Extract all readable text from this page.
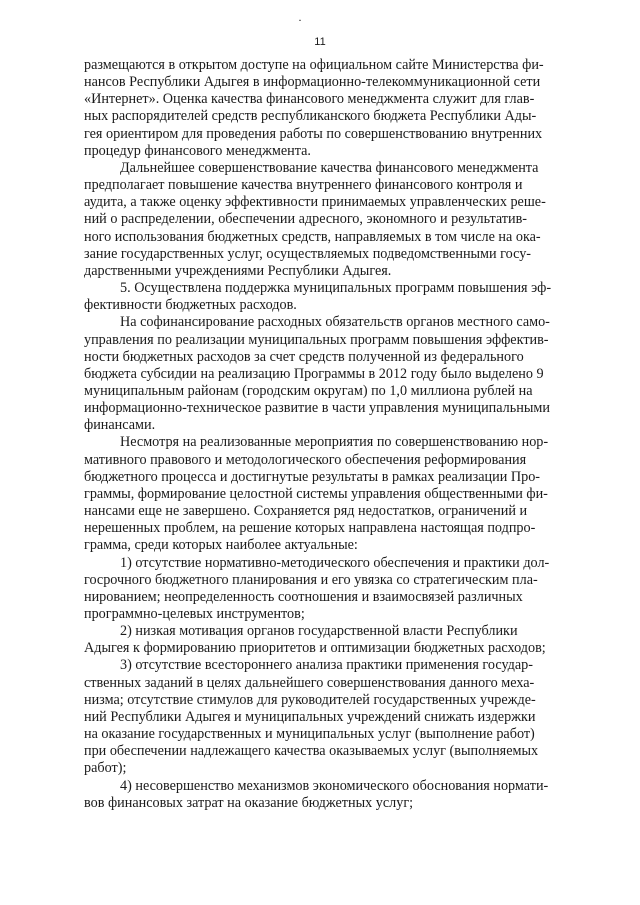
·
11

размещаются в открытом доступе на официальном сайте Министерства фи-
нансов Республики Адыгея в информационно-телекоммуникационной сети
«Интернет». Оценка качества финансового менеджмента служит для глав-
ных распорядителей средств республиканского бюджета Республики Ады-
гея ориентиром для проведения работы по совершенствованию внутренних
процедур финансового менеджмента.

Дальнейшее совершенствование качества финансового менеджмента
предполагает повышение качества внутреннего финансового контроля и
аудита, а также оценку эффективности принимаемых управленческих реше-
ний о распределении, обеспечении адресного, экономного и результатив-
ного использования бюджетных средств, направляемых в том числе на ока-
зание государственных услуг, осуществляемых подведомственными госу-
дарственными учреждениями Республики Адыгея.

5. Осуществлена поддержка муниципальных программ повышения эф-
фективности бюджетных расходов.

На софинансирование расходных обязательств органов местного само-
управления по реализации муниципальных программ повышения эффектив-
ности бюджетных расходов за счет средств полученной из федерального
бюджета субсидии на реализацию Программы в 2012 году было выделено 9
муниципальным районам (городским округам) по 1,0 миллиона рублей на
информационно-техническое развитие в части управления муниципальными
финансами.

Несмотря на реализованные мероприятия по совершенствованию нор-
мативного правового и методологического обеспечения реформирования
бюджетного процесса и достигнутые результаты в рамках реализации Про-
граммы, формирование целостной системы управления общественными фи-
нансами еще не завершено. Сохраняется ряд недостатков, ограничений и
нерешенных проблем, на решение которых направлена настоящая подпро-
грамма, среди которых наиболее актуальные:

1) отсутствие нормативно-методического обеспечения и практики дол-
госрочного бюджетного планирования и его увязка со стратегическим пла-
нированием; неопределенность соотношения и взаимосвязей различных
программно-целевых инструментов;

2) низкая мотивация органов государственной власти Республики
Адыгея к формированию приоритетов и оптимизации бюджетных расходов;

3) отсутствие всестороннего анализа практики применения государ-
ственных заданий в целях дальнейшего совершенствования данного меха-
низма; отсутствие стимулов для руководителей государственных учрежде-
ний Республики Адыгея и муниципальных учреждений снижать издержки
на оказание государственных и муниципальных услуг (выполнение работ)
при обеспечении надлежащего качества оказываемых услуг (выполняемых
работ);

4) несовершенство механизмов экономического обоснования нормати-
вов финансовых затрат на оказание бюджетных услуг;
